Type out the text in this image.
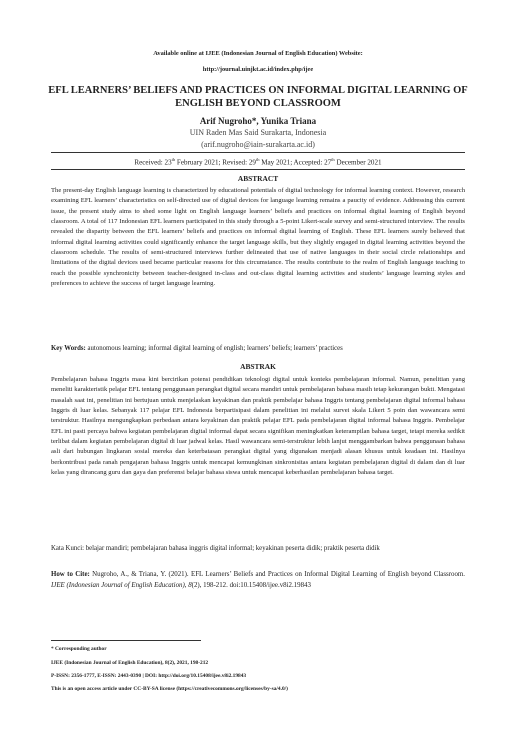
Available online at IJEE (Indonesian Journal of English Education) Website:
http://journal.uinjkt.ac.id/index.php/ijee
EFL LEARNERS’ BELIEFS AND PRACTICES ON INFORMAL DIGITAL LEARNING OF ENGLISH BEYOND CLASSROOM
Arif Nugroho*, Yunika Triana
UIN Raden Mas Said Surakarta, Indonesia
(arif.nugroho@iain-surakarta.ac.id)
Received: 23th February 2021; Revised: 29th May 2021; Accepted: 27th December 2021
ABSTRACT
The present-day English language learning is characterized by educational potentials of digital technology for informal learning context. However, research examining EFL learners’ characteristics on self-directed use of digital devices for language learning remains a paucity of evidence. Addressing this current issue, the present study aims to shed some light on English language learners’ beliefs and practices on informal digital learning of English beyond classroom. A total of 117 Indonesian EFL learners participated in this study through a 5-point Likert-scale survey and semi-structured interview. The results revealed the disparity between the EFL learners’ beliefs and practices on informal digital learning of English. These EFL learners surely believed that informal digital learning activities could significantly enhance the target language skills, but they slightly engaged in digital learning activities beyond the classroom schedule. The results of semi-structured interviews further delineated that use of native languages in their social circle relationships and limitations of the digital devices used became particular reasons for this circumstance. The results contribute to the realm of English language teaching to reach the possible synchronicity between teacher-designed in-class and out-class digital learning activities and students’ language learning styles and preferences to achieve the success of target language learning.
Key Words: autonomous learning; informal digital learning of english; learners’ beliefs; learners’ practices
ABSTRAK
Pembelajaran bahasa Inggris masa kini bercirikan potensi pendidikan teknologi digital untuk konteks pembelajaran informal. Namun, penelitian yang meneliti karakteristik pelajar EFL tentang penggunaan perangkat digital secara mandiri untuk pembelajaran bahasa masih tetap kekurangan bukti. Mengatasi masalah saat ini, penelitian ini bertujuan untuk menjelaskan keyakinan dan praktik pembelajar bahasa Inggris tentang pembelajaran digital informal bahasa Inggris di luar kelas. Sebanyak 117 pelajar EFL Indonesia berpartisipasi dalam penelitian ini melalui survei skala Likert 5 poin dan wawancara semi terstruktur. Hasilnya mengungkapkan perbedaan antara keyakinan dan praktik pelajar EFL pada pembelajaran digital informal bahasa Inggris. Pembelajar EFL ini pasti percaya bahwa kegiatan pembelajaran digital informal dapat secara signifikan meningkatkan keterampilan bahasa target, tetapi mereka sedikit terlibat dalam kegiatan pembelajaran digital di luar jadwal kelas. Hasil wawancara semi-terstruktur lebih lanjut menggambarkan bahwa penggunaan bahasa asli dari hubungan lingkaran sosial mereka dan keterbatasan perangkat digital yang digunakan menjadi alasan khusus untuk keadaan ini. Hasilnya berkontribusi pada ranah pengajaran bahasa Inggris untuk mencapai kemungkinan sinkronisitas antara kegiatan pembelajaran digital di dalam dan di luar kelas yang dirancang guru dan gaya dan preferensi belajar bahasa siswa untuk mencapai keberhasilan pembelajaran bahasa target.
Kata Kunci: belajar mandiri; pembelajaran bahasa inggris digital informal; keyakinan peserta didik; praktik peserta didik
How to Cite: Nugroho, A., & Triana, Y. (2021). EFL Learners’ Beliefs and Practices on Informal Digital Learning of English beyond Classroom. IJEE (Indonesian Journal of English Education), 8(2), 198-212. doi:10.15408/ijee.v8i2.19843
* Corresponding author
IJEE (Indonesian Journal of English Education), 8(2), 2021, 198-212
P-ISSN: 2356-1777, E-ISSN: 2443-0390 | DOI: http://doi.org/10.15408/ijee.v8i2.19843
This is an open access article under CC-BY-SA license (https://creativecommons.org/licenses/by-sa/4.0/)
